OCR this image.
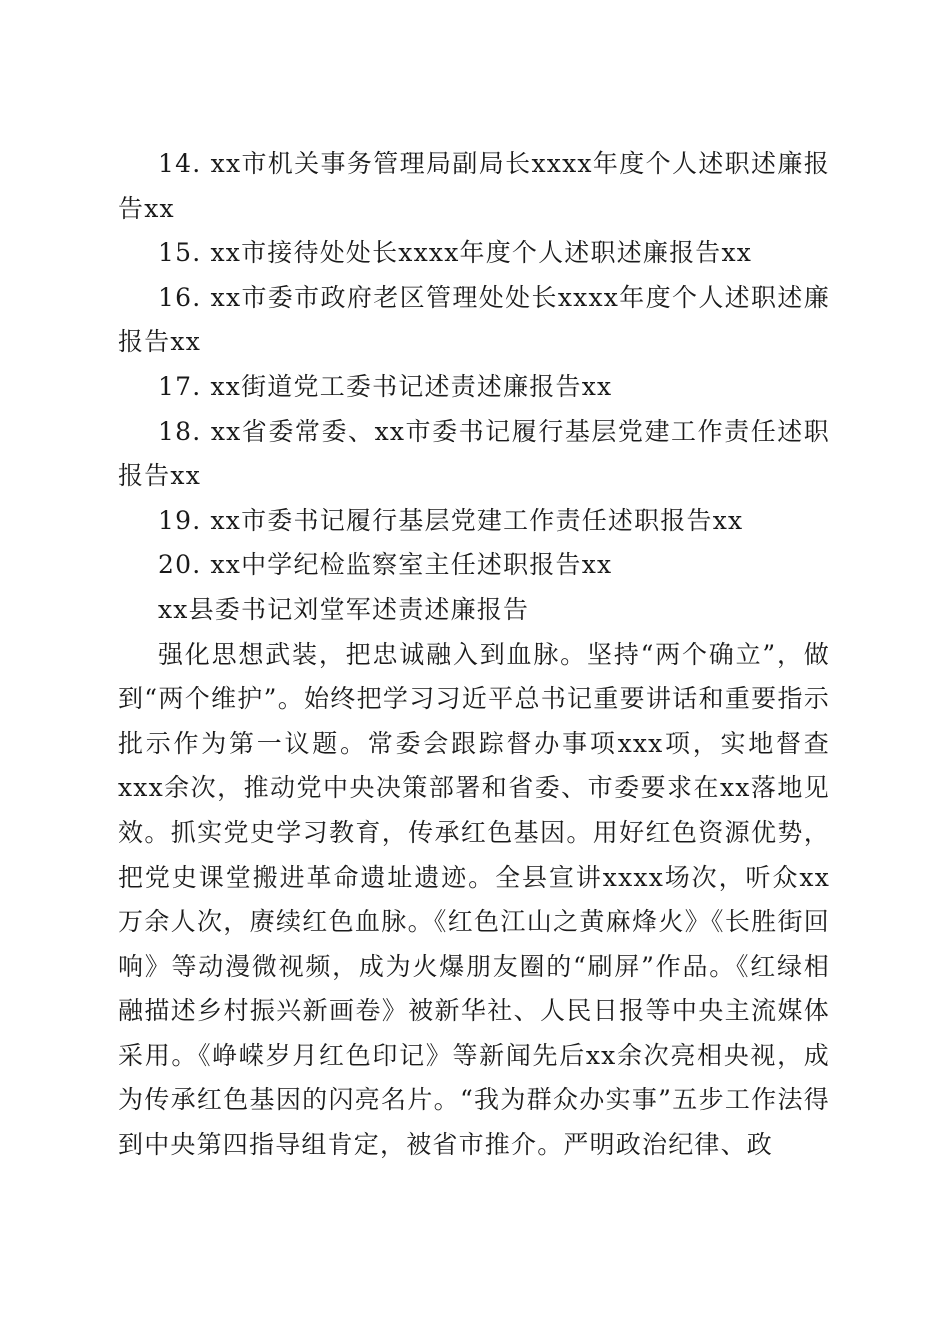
14. xx市机关事务管理局副局长xxxx年度个人述职述廉报告xx

15. xx市接待处处长xxxx年度个人述职述廉报告xx

16. xx市委市政府老区管理处处长xxxx年度个人述职述廉报告xx

17. xx街道党工委书记述责述廉报告xx

18. xx省委常委、xx市委书记履行基层党建工作责任述职报告xx

19. xx市委书记履行基层党建工作责任述职报告xx

20. xx中学纪检监察室主任述职报告xx

xx县委书记刘堂军述责述廉报告

强化思想武装，把忠诚融入到血脉。坚持“两个确立”，做到“两个维护”。始终把学习习近平总书记重要讲话和重要指示批示作为第一议题。常委会跟踪督办事项xxx项，实地督查xxx余次，推动党中央决策部署和省委、市委要求在xx落地见效。抓实党史学习教育，传承红色基因。用好红色资源优势，把党史课堂搬进革命遗址遗迹。全县宣讲xxxx场次，听众xx万余人次，赓续红色血脉。《红色江山之黄麻烽火》《长胜街回响》等动漫微视频，成为火爆朋友圈的“刷屏”作品。《红绿相融描述乡村振兴新画卷》被新华社、人民日报等中央主流媒体采用。《峥嵘岁月红色印记》等新闻先后xx余次亮相央视，成为传承红色基因的闪亮名片。“我为群众办实事”五步工作法得到中央第四指导组肯定，被省市推介。严明政治纪律、政
